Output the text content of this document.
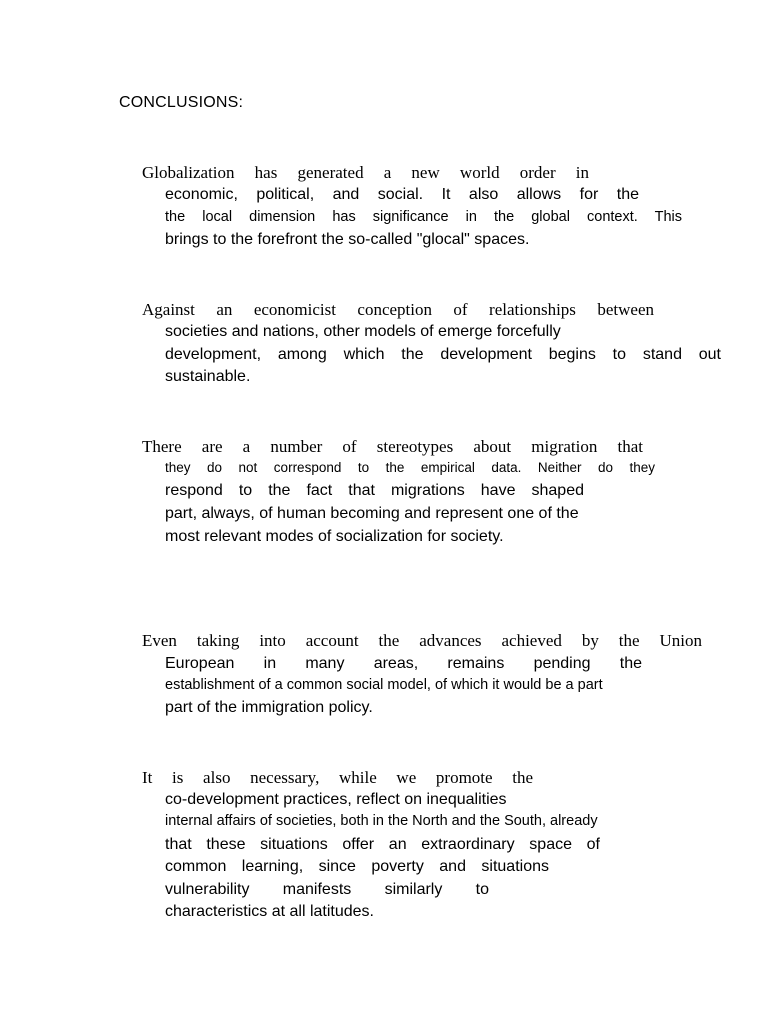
CONCLUSIONS:
Globalization has generated a new world order in
economic, political, and social. It also allows for the
the local dimension has significance in the global context. This
brings to the forefront the so-called "glocal" spaces.
Against an economicist conception of relationships between
societies and nations, other models of emerge forcefully
development, among which the development begins to stand out
sustainable.
There are a number of stereotypes about migration that
they do not correspond to the empirical data. Neither do they
respond to the fact that migrations have shaped
part, always, of human becoming and represent one of the
most relevant modes of socialization for society.
Even taking into account the advances achieved by the Union
European in many areas, remains pending the
establishment of a common social model, of which it would be a part
part of the immigration policy.
It is also necessary, while we promote the
co-development practices, reflect on inequalities
internal affairs of societies, both in the North and the South, already
that these situations offer an extraordinary space of
common learning, since poverty and situations
vulnerability manifests similarly to
characteristics at all latitudes.
